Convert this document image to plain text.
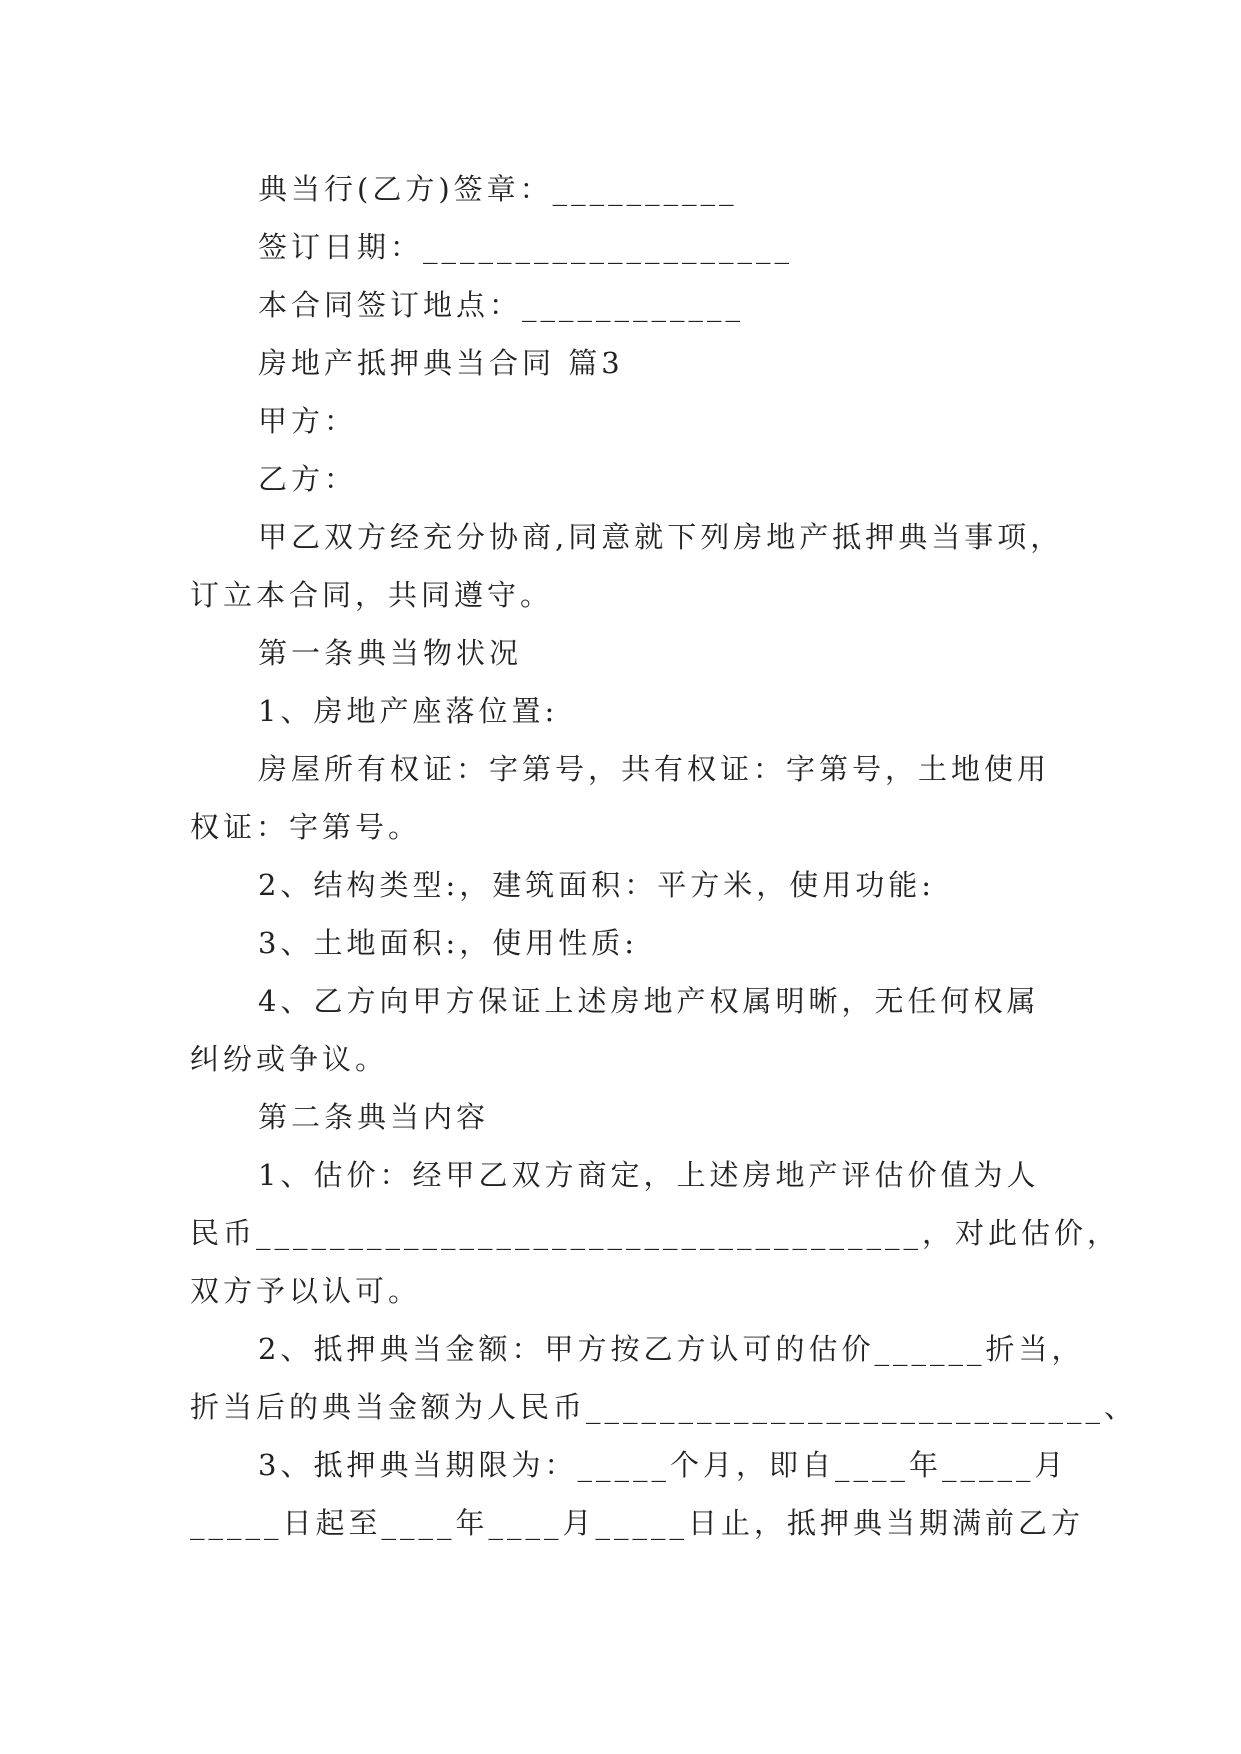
典当行(乙方)签章：__________
签订日期：____________________
本合同签订地点：____________
房地产抵押典当合同 篇3
甲方：
乙方：
甲乙双方经充分协商,同意就下列房地产抵押典当事项，
订立本合同，共同遵守。
第一条典当物状况
1、房地产座落位置:
房屋所有权证：字第号，共有权证：字第号，土地使用
权证：字第号。
2、结构类型:，建筑面积：平方米，使用功能:
3、土地面积:，使用性质:
4、乙方向甲方保证上述房地产权属明晰，无任何权属
纠纷或争议。
第二条典当内容
1、估价：经甲乙双方商定，上述房地产评估价值为人
民币____________________________________，对此估价，
双方予以认可。
2、抵押典当金额：甲方按乙方认可的估价______折当，
折当后的典当金额为人民币____________________________、
3、抵押典当期限为：_____个月，即自____年_____月
_____日起至____年____月_____日止，抵押典当期满前乙方
